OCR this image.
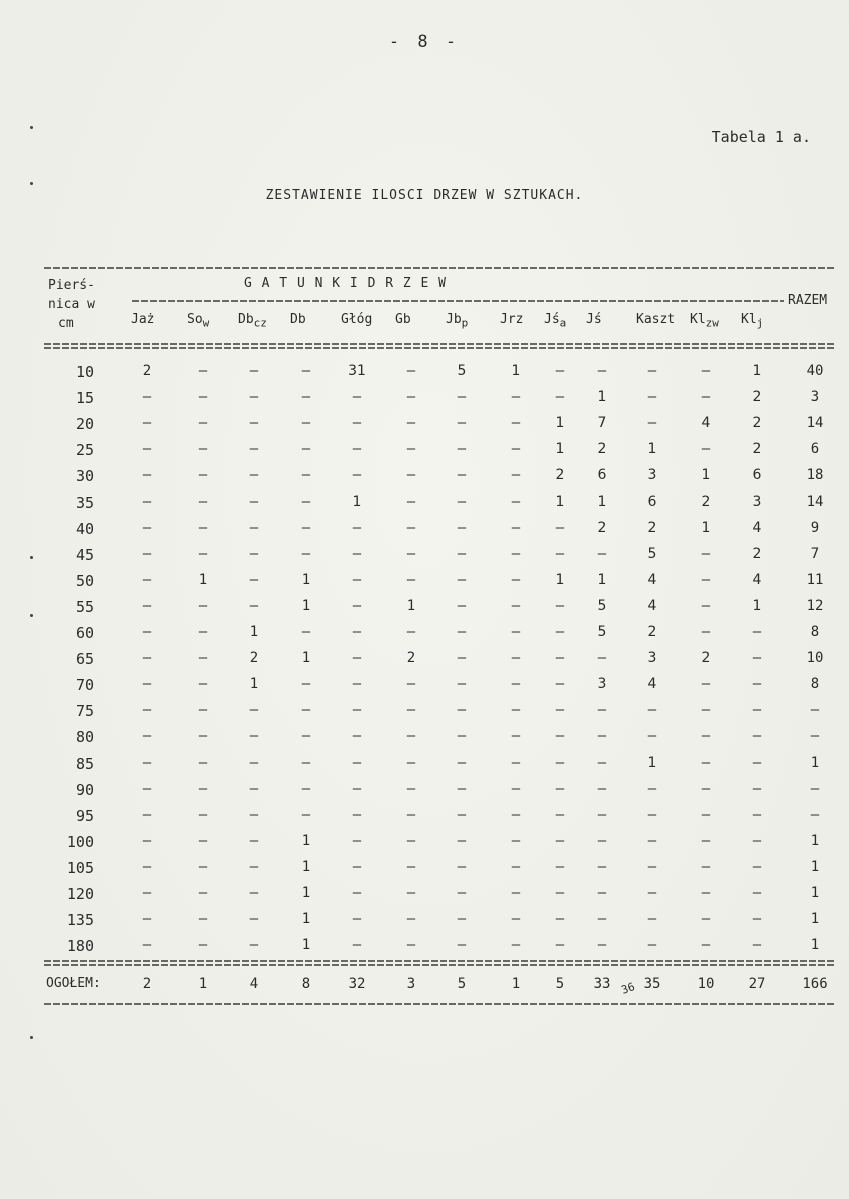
- 8 -
Tabela 1 a.
ZESTAWIENIE ILOSCI DRZEW W SZTUKACH.
Pierś-
nica w
cm
G A T U N K I D R Z E W
RAZEM
Jaż	$So_w$ $Db_{cz}$ Db	Głóg Gb	$Jb_p$ Jrz $Jś_a$ Jś	Kaszt $Kl_{zw}$ $Kl_j$
10	2	–	–	–	31	–	5	1	–	–	–	–	1	40
15	–	–	–	–	–	–	–	–	–	1	–	–	2	3
20	–	–	–	–	–	–	–	–	1	7	–	4	2	14
25	–	–	–	–	–	–	–	–	1	2	1	–	2	6
30	–	–	–	–	–	–	–	–	2	6	3	1	6	18
35	–	–	–	–	1	–	–	–	1	1	6	2	3	14
40	–	–	–	–	–	–	–	–	–	2	2	1	4	9
45	–	–	–	–	–	–	–	–	–	–	5	–	2	7
50	–	1	–	1	–	–	–	–	1	1	4	–	4	11
55	–	–	–	1	–	1	–	–	–	5	4	–	1	12
60	–	–	1	–	–	–	–	–	–	5	2	–	–	8
65	–	–	2	1	–	2	–	–	–	–	3	2	–	10
70	–	–	1	–	–	–	–	–	–	3	4	–	–	8
75	–	–	–	–	–	–	–	–	–	–	–	–	–	–
80	–	–	–	–	–	–	–	–	–	–	–	–	–	–
85	–	–	–	–	–	–	–	–	–	–	1	–	–	1
90	–	–	–	–	–	–	–	–	–	–	–	–	–	–
95	–	–	–	–	–	–	–	–	–	–	–	–	–	–
100	–	–	–	1	–	–	–	–	–	–	–	–	–	1
105	–	–	–	1	–	–	–	–	–	–	–	–	–	1
120	–	–	–	1	–	–	–	–	–	–	–	–	–	1
135	–	–	–	1	–	–	–	–	–	–	–	–	–	1
180	–	–	–	1	–	–	–	–	–	–	–	–	–	1
OGOŁEM:	2	1	4	8	32	3	5	1	5	33	35	10	27	166
36
